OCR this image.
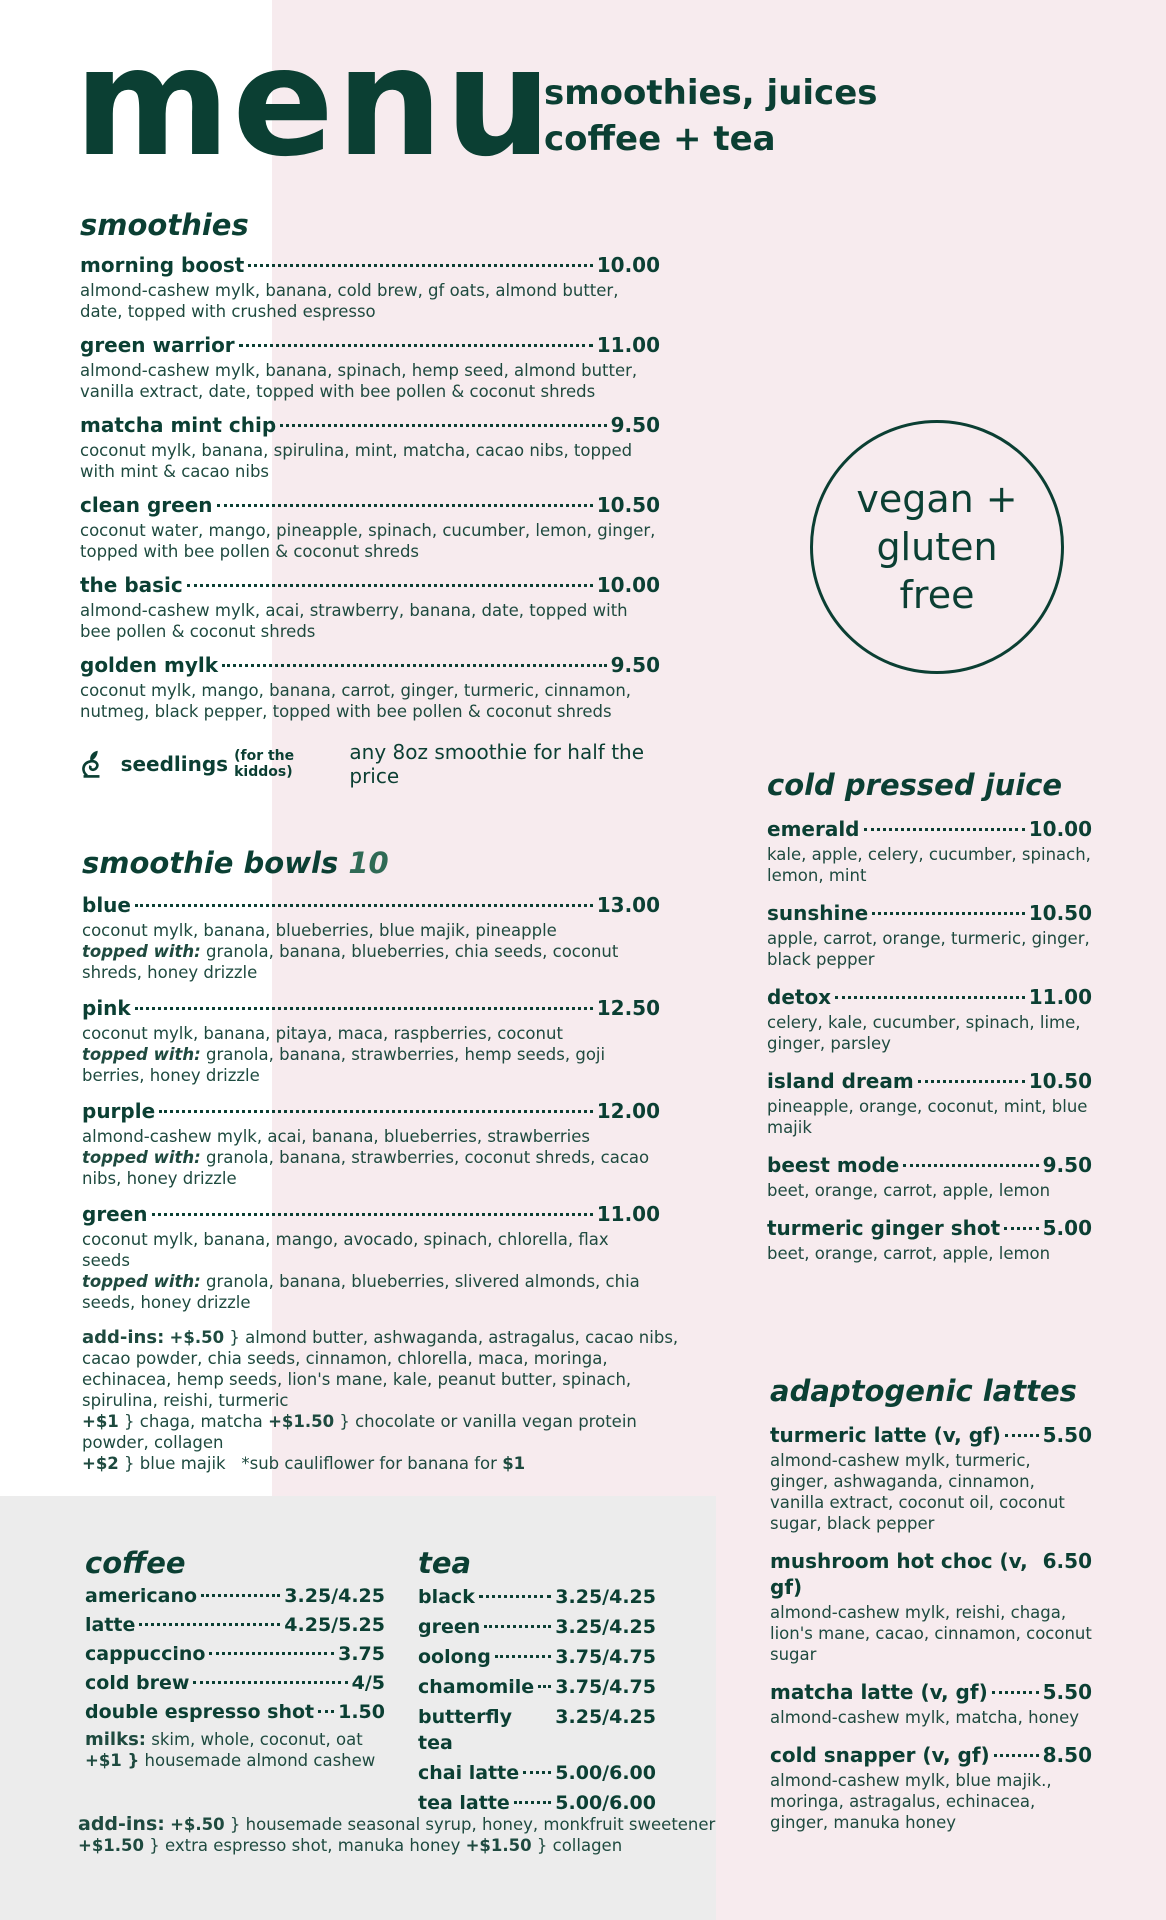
menu
smoothies, juices
coffee + tea
vegan +
gluten
free
smoothies
morning boost	10.00
almond-cashew mylk, banana, cold brew, gf oats, almond butter, date, topped with crushed espresso
green warrior	11.00
almond-cashew mylk, banana, spinach, hemp seed, almond butter, vanilla extract, date, topped with bee pollen & coconut shreds
matcha mint chip	9.50
coconut mylk, banana, spirulina, mint, matcha, cacao nibs, topped with mint & cacao nibs
clean green	10.50
coconut water, mango, pineapple, spinach, cucumber, lemon, ginger, topped with bee pollen & coconut shreds
the basic	10.00
almond-cashew mylk, acai, strawberry, banana, date, topped with bee pollen & coconut shreds
golden mylk	9.50
coconut mylk, mango, banana, carrot, ginger, turmeric, cinnamon, nutmeg, black pepper, topped with bee pollen & coconut shreds
seedlings (for the kiddos)
any 8oz smoothie for half the price
smoothie bowls 10
blue	13.00
coconut mylk, banana, blueberries, blue majik, pineapple
topped with: granola, banana, blueberries, chia seeds, coconut shreds, honey drizzle
pink	12.50
coconut mylk, banana, pitaya, maca, raspberries, coconut
topped with: granola, banana, strawberries, hemp seeds, goji berries, honey drizzle
purple	12.00
almond-cashew mylk, acai, banana, blueberries, strawberries
topped with: granola, banana, strawberries, coconut shreds, cacao nibs, honey drizzle
green	11.00
coconut mylk, banana, mango, avocado, spinach, chlorella, flax seeds
topped with: granola, banana, blueberries, slivered almonds, chia seeds, honey drizzle
add-ins: +$.50 } almond butter, ashwaganda, astragalus, cacao nibs, cacao powder, chia seeds, cinnamon, chlorella, maca, moringa, echinacea, hemp seeds, lion's mane, kale, peanut butter, spinach, spirulina, reishi, turmeric
+$1 } chaga, matcha +$1.50 } chocolate or vanilla vegan protein powder, collagen
+$2 } blue majik *sub cauliflower for banana for $1
cold pressed juice
emerald	10.00
kale, apple, celery, cucumber, spinach, lemon, mint
sunshine	10.50
apple, carrot, orange, turmeric, ginger, black pepper
detox	11.00
celery, kale, cucumber, spinach, lime, ginger, parsley
island dream	10.50
pineapple, orange, coconut, mint, blue majik
beest mode	9.50
beet, orange, carrot, apple, lemon
turmeric ginger shot 5.00
beet, orange, carrot, apple, lemon
adaptogenic lattes
turmeric latte (v, gf) 5.50
almond-cashew mylk, turmeric, ginger, ashwaganda, cinnamon, vanilla extract, coconut oil, coconut sugar, black pepper
mushroom hot choc (v, gf)
6.50
almond-cashew mylk, reishi, chaga, lion's mane, cacao, cinnamon, coconut sugar
matcha latte (v, gf)	5.50
almond-cashew mylk, matcha, honey
cold snapper (v, gf)	8.50
almond-cashew mylk, blue majik., moringa, astragalus, echinacea, ginger, manuka honey
coffee
americano	3.25/4.25
latte	4.25/5.25
cappuccino	3.75
cold brew	4/5
double espresso shot 1.50
milks: skim, whole, coconut, oat
+$1 } housemade almond cashew
tea
black	3.25/4.25
green	3.25/4.25
oolong	3.75/4.75
chamomile 3.75/4.75
butterfly tea
3.25/4.25
chai latte 5.00/6.00
tea latte 5.00/6.00
add-ins: +$.50 } housemade seasonal syrup, honey, monkfruit sweetener +$1.50 } extra espresso shot, manuka honey +$1.50 } collagen
